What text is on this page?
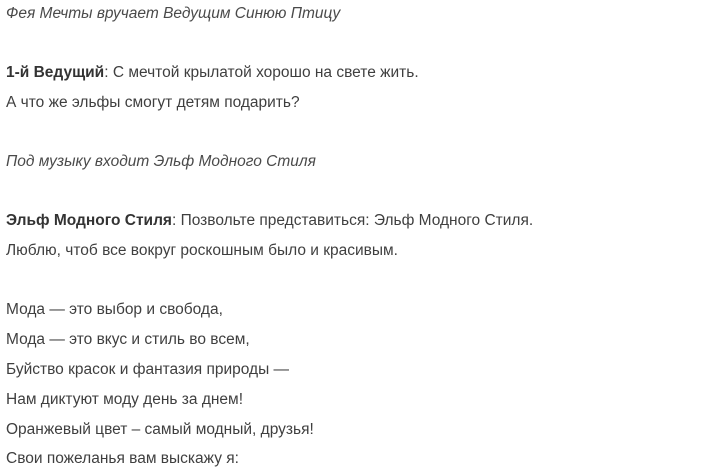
Фея Мечты вручает Ведущим Синюю Птицу
1-й Ведущий: С мечтой крылатой хорошо на свете жить.
А что же эльфы смогут детям подарить?
Под музыку входит Эльф Модного Стиля
Эльф Модного Стиля: Позвольте представиться: Эльф Модного Стиля.
Люблю, чтоб все вокруг роскошным было и красивым.
Мода — это выбор и свобода,
Мода — это вкус и стиль во всем,
Буйство красок и фантазия природы —
Нам диктуют моду день за днем!
Оранжевый цвет – самый модный, друзья!
Свои пожеланья вам выскажу я:
